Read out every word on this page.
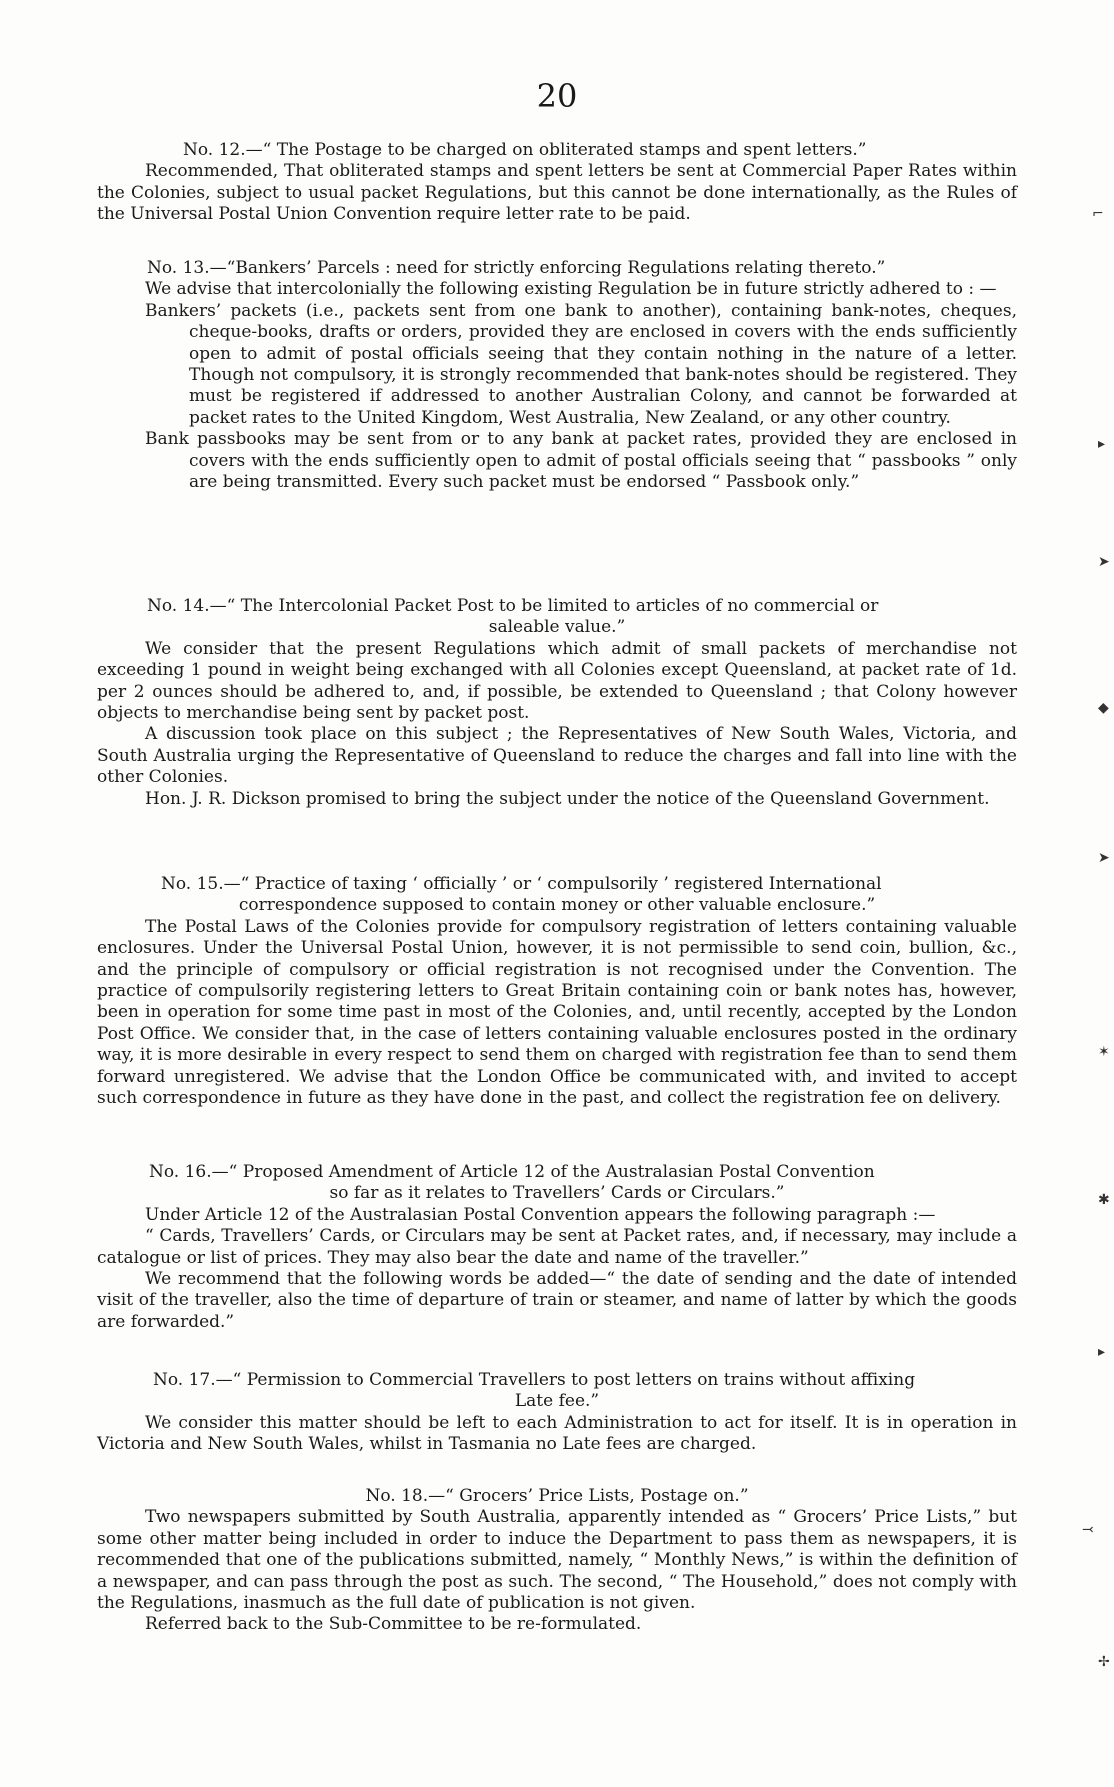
20

No. 12.—“ The Postage to be charged on obliterated stamps and spent letters.”

Recommended, That obliterated stamps and spent letters be sent at Commercial Paper Rates within the Colonies, subject to usual packet Regulations, but this cannot be done internationally, as the Rules of the Universal Postal Union Convention require letter rate to be paid.

No. 13.—“Bankers’ Parcels : need for strictly enforcing Regulations relating thereto.”

We advise that intercolonially the following existing Regulation be in future strictly adhered to : —

Bankers’ packets (i.e., packets sent from one bank to another), containing bank-notes, cheques, cheque-books, drafts or orders, provided they are enclosed in covers with the ends sufficiently open to admit of postal officials seeing that they contain nothing in the nature of a letter. Though not compulsory, it is strongly recommended that bank-notes should be registered. They must be registered if addressed to another Australian Colony, and cannot be forwarded at packet rates to the United Kingdom, West Australia, New Zealand, or any other country.

Bank passbooks may be sent from or to any bank at packet rates, provided they are enclosed in covers with the ends sufficiently open to admit of postal officials seeing that “ passbooks ” only are being transmitted. Every such packet must be endorsed “ Passbook only.”

No. 14.—“ The Intercolonial Packet Post to be limited to articles of no commercial or

saleable value.”

We consider that the present Regulations which admit of small packets of merchandise not exceeding 1 pound in weight being exchanged with all Colonies except Queensland, at packet rate of 1d. per 2 ounces should be adhered to, and, if possible, be extended to Queensland ; that Colony however objects to merchandise being sent by packet post.

A discussion took place on this subject ; the Representatives of New South Wales, Victoria, and South Australia urging the Representative of Queensland to reduce the charges and fall into line with the other Colonies.

Hon. J. R. Dickson promised to bring the subject under the notice of the Queensland Government.

No. 15.—“ Practice of taxing ‘ officially ’ or ‘ compulsorily ’ registered International

correspondence supposed to contain money or other valuable enclosure.”

The Postal Laws of the Colonies provide for compulsory registration of letters containing valuable enclosures. Under the Universal Postal Union, however, it is not permissible to send coin, bullion, &c., and the principle of compulsory or official registration is not recognised under the Convention. The practice of compulsorily registering letters to Great Britain containing coin or bank notes has, however, been in operation for some time past in most of the Colonies, and, until recently, accepted by the London Post Office. We consider that, in the case of letters containing valuable enclosures posted in the ordinary way, it is more desirable in every respect to send them on charged with registration fee than to send them forward unregistered. We advise that the London Office be communicated with, and invited to accept such correspondence in future as they have done in the past, and collect the registration fee on delivery.

No. 16.—“ Proposed Amendment of Article 12 of the Australasian Postal Convention

so far as it relates to Travellers’ Cards or Circulars.”

Under Article 12 of the Australasian Postal Convention appears the following paragraph :—

“ Cards, Travellers’ Cards, or Circulars may be sent at Packet rates, and, if necessary, may include a catalogue or list of prices. They may also bear the date and name of the traveller.”

We recommend that the following words be added—“ the date of sending and the date of intended visit of the traveller, also the time of departure of train or steamer, and name of latter by which the goods are forwarded.”

No. 17.—“ Permission to Commercial Travellers to post letters on trains without affixing

Late fee.”

We consider this matter should be left to each Administration to act for itself. It is in operation in Victoria and New South Wales, whilst in Tasmania no Late fees are charged.

No. 18.—“ Grocers’ Price Lists, Postage on.”

Two newspapers submitted by South Australia, apparently intended as “ Grocers’ Price Lists,” but some other matter being included in order to induce the Department to pass them as newspapers, it is recommended that one of the publications submitted, namely, “ Monthly News,” is within the definition of a newspaper, and can pass through the post as such. The second, “ The Household,” does not comply with the Regulations, inasmuch as the full date of publication is not given.

Referred back to the Sub-Committee to be re-formulated.

⌐
▸
➤
◆
➤
✶
✱
▸
⤙
✢
